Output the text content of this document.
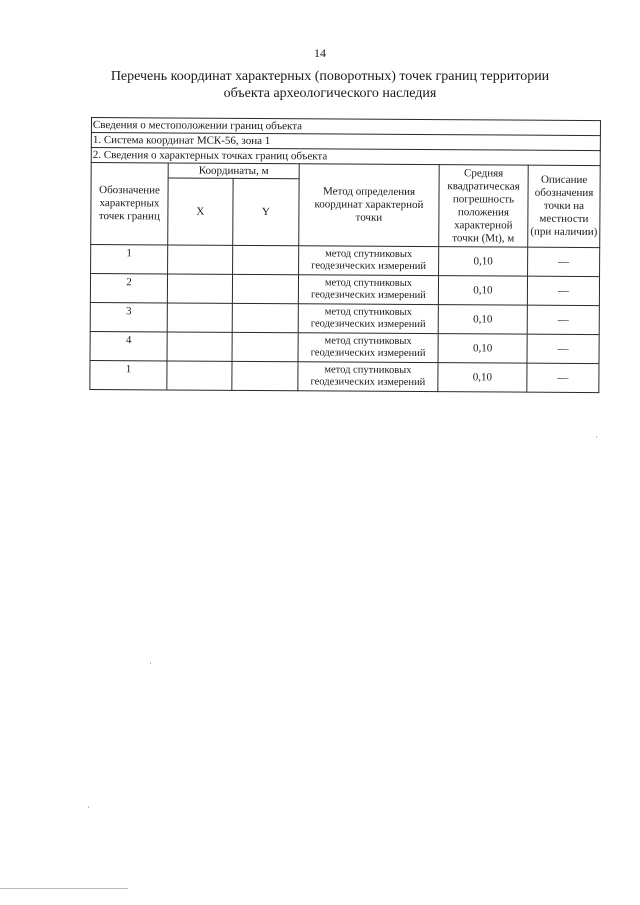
14
Перечень координат характерных (поворотных) точек границ территории
объекта археологического наследия
Сведения о местоположении границ объекта					
1. Система координат МСК-56, зона 1					
2. Сведения о характерных точках границ объекта					
Обозначение характерных точек границ	Координаты, м		Метод определения координат характерной точки	Средняя квадратическая погрешность положения характерной точки (Mt), м	Описание обозначения точки на местности (при наличии)
	X	Y			
1			метод спутниковых геодезических измерений	0,10	—
2			метод спутниковых геодезических измерений	0,10	—
3			метод спутниковых геодезических измерений	0,10	—
4			метод спутниковых геодезических измерений	0,10	—
1			метод спутниковых геодезических измерений	0,10	—
